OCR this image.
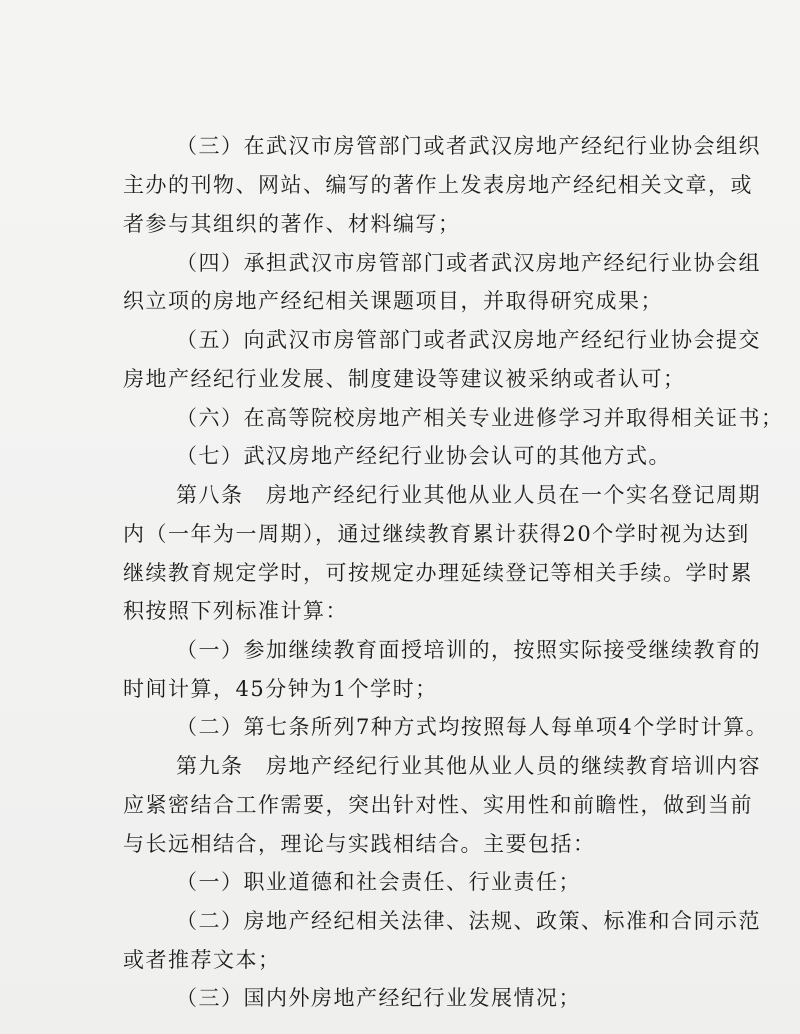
（三）在武汉市房管部门或者武汉房地产经纪行业协会组织
主办的刊物、网站、编写的著作上发表房地产经纪相关文章，或
者参与其组织的著作、材料编写；
（四）承担武汉市房管部门或者武汉房地产经纪行业协会组
织立项的房地产经纪相关课题项目，并取得研究成果；
（五）向武汉市房管部门或者武汉房地产经纪行业协会提交
房地产经纪行业发展、制度建设等建议被采纳或者认可；
（六）在高等院校房地产相关专业进修学习并取得相关证书；
（七）武汉房地产经纪行业协会认可的其他方式。
第八条　房地产经纪行业其他从业人员在一个实名登记周期
内（一年为一周期），通过继续教育累计获得20个学时视为达到
继续教育规定学时，可按规定办理延续登记等相关手续。学时累
积按照下列标准计算：
（一）参加继续教育面授培训的，按照实际接受继续教育的
时间计算，45分钟为1个学时；
（二）第七条所列7种方式均按照每人每单项4个学时计算。
第九条　房地产经纪行业其他从业人员的继续教育培训内容
应紧密结合工作需要，突出针对性、实用性和前瞻性，做到当前
与长远相结合，理论与实践相结合。主要包括：
（一）职业道德和社会责任、行业责任；
（二）房地产经纪相关法律、法规、政策、标准和合同示范
或者推荐文本；
（三）国内外房地产经纪行业发展情况；
